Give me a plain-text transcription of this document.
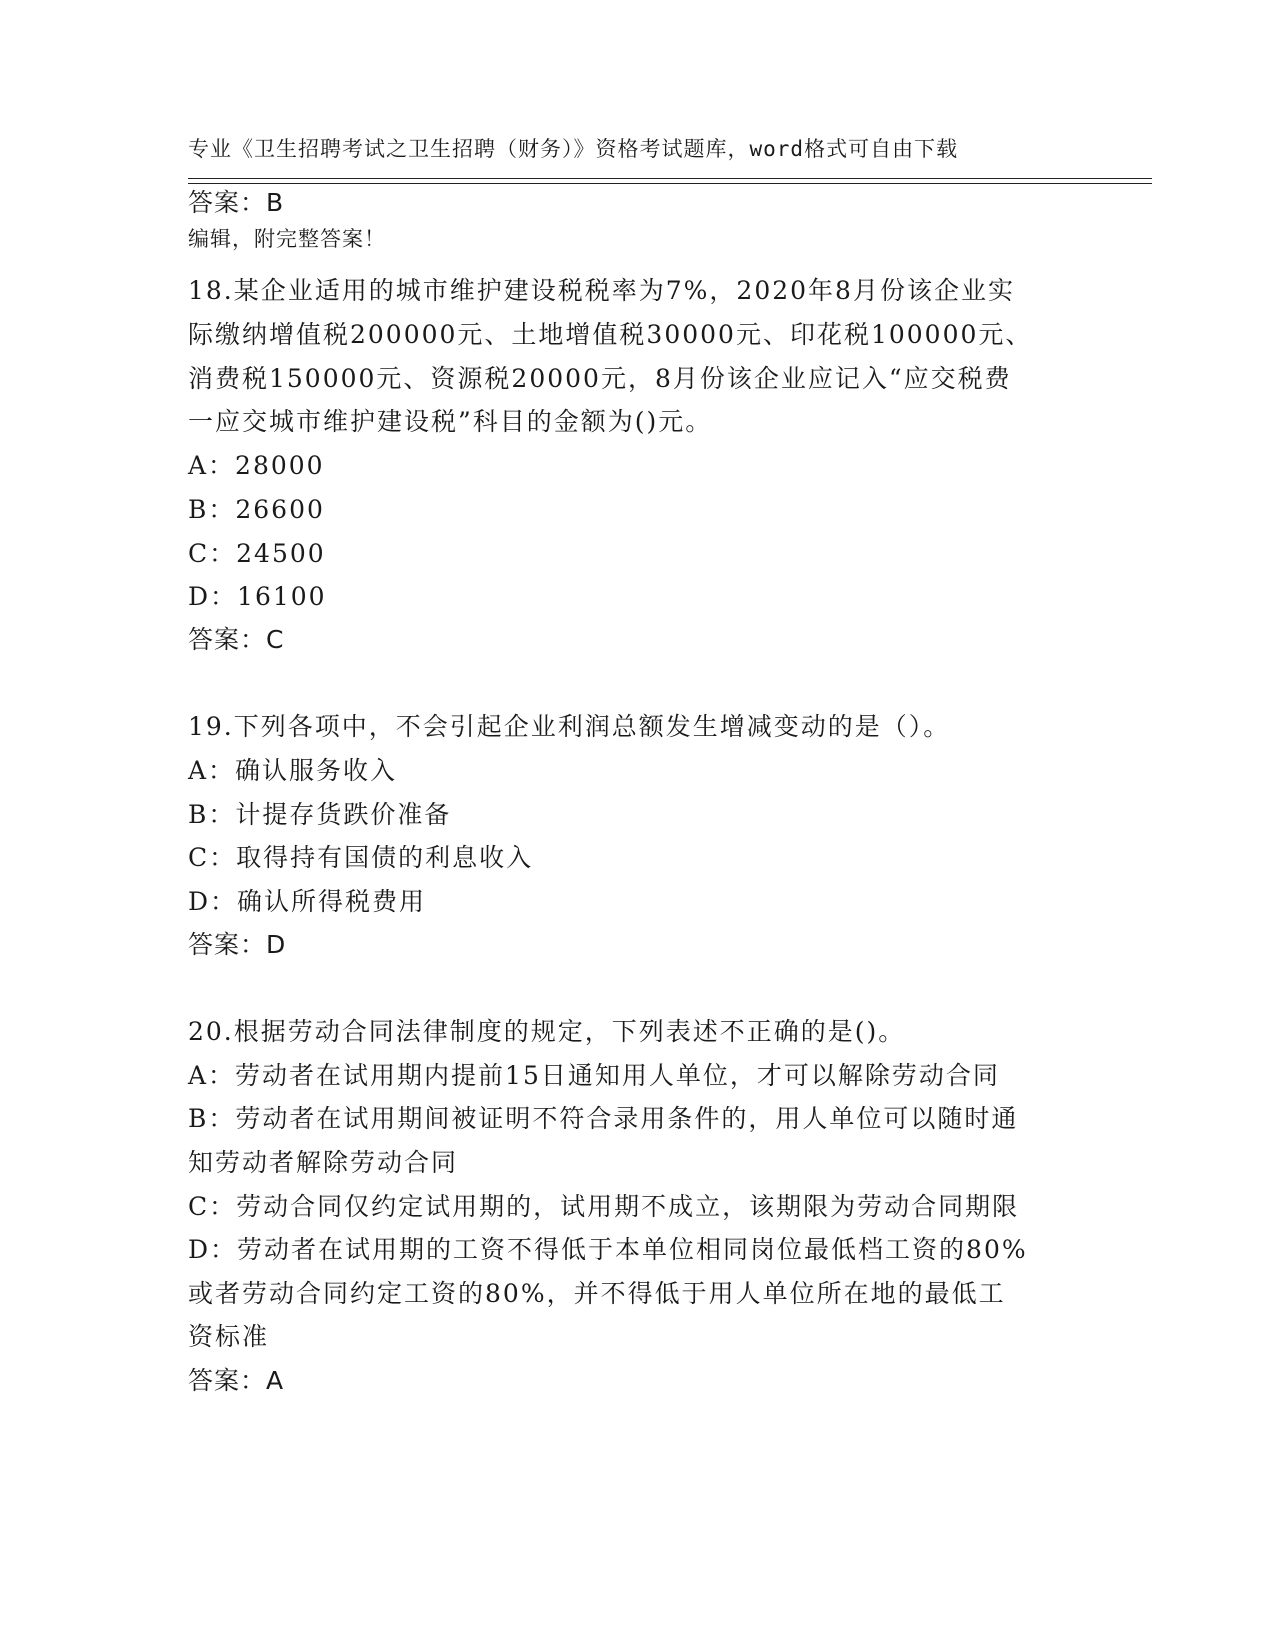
专业《卫生招聘考试之卫生招聘（财务）》资格考试题库，word格式可自由下载

编辑，附完整答案！

答案：B
18.某企业适用的城市维护建设税税率为7%，2020年8月份该企业实
际缴纳增值税200000元、土地增值税30000元、印花税100000元、
消费税150000元、资源税20000元，8月份该企业应记入“应交税费
一应交城市维护建设税”科目的金额为()元。
A：28000
B：26600
C：24500
D：16100
答案：C
19.下列各项中，不会引起企业利润总额发生增减变动的是（）。
A：确认服务收入
B：计提存货跌价准备
C：取得持有国债的利息收入
D：确认所得税费用
答案：D
20.根据劳动合同法律制度的规定，下列表述不正确的是()。
A：劳动者在试用期内提前15日通知用人单位，才可以解除劳动合同
B：劳动者在试用期间被证明不符合录用条件的，用人单位可以随时通
知劳动者解除劳动合同
C：劳动合同仅约定试用期的，试用期不成立，该期限为劳动合同期限
D：劳动者在试用期的工资不得低于本单位相同岗位最低档工资的80%
或者劳动合同约定工资的80%，并不得低于用人单位所在地的最低工
资标准
答案：A
